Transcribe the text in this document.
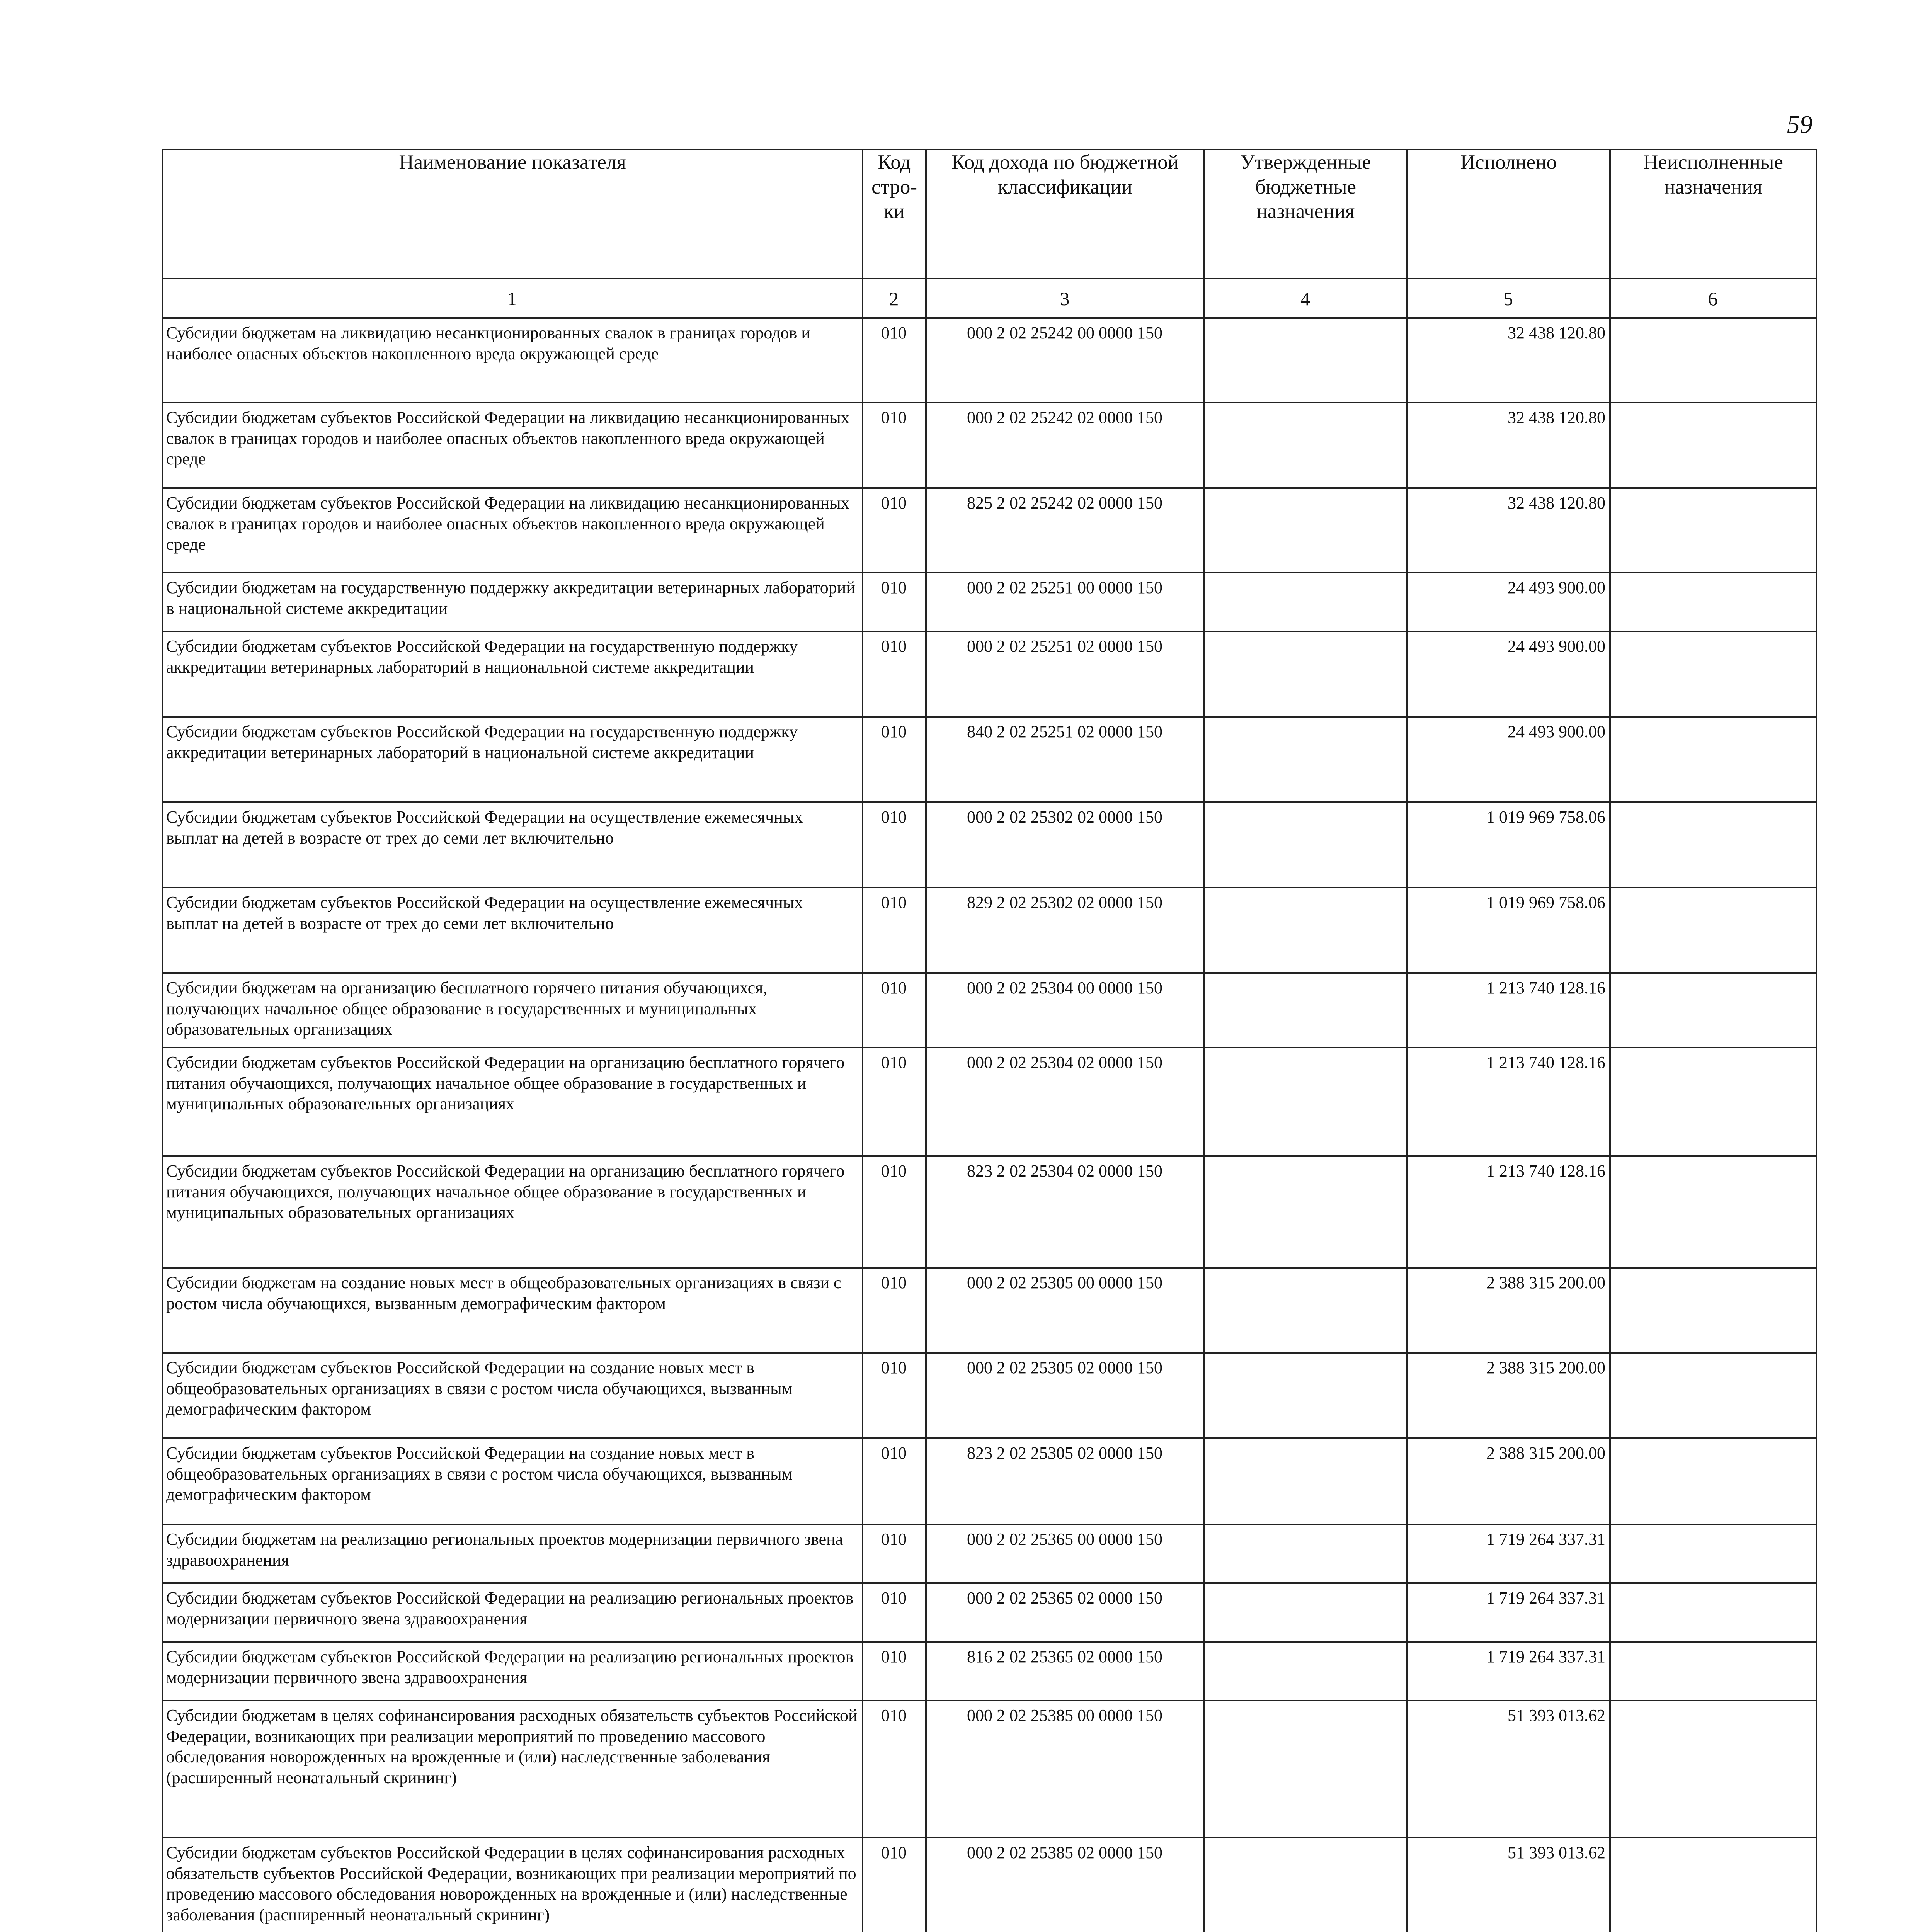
59
Наименование показателя	Код стро-ки	Код дохода по бюджетной классификации	Утвержденные бюджетные назначения	Исполнено	Неисполненные назначения
1	2	3	4	5	6
Субсидии бюджетам на ликвидацию несанкционированных свалок в границах городов и наиболее опасных объектов накопленного вреда окружающей среде	010	000 2 02 25242 00 0000 150		32 438 120.80	
Субсидии бюджетам субъектов Российской Федерации на ликвидацию несанкционированных свалок в границах городов и наиболее опасных объектов накопленного вреда окружающей среде	010	000 2 02 25242 02 0000 150		32 438 120.80	
Субсидии бюджетам субъектов Российской Федерации на ликвидацию несанкционированных свалок в границах городов и наиболее опасных объектов накопленного вреда окружающей среде	010	825 2 02 25242 02 0000 150		32 438 120.80	
Субсидии бюджетам на государственную поддержку аккредитации ветеринарных лабораторий в национальной системе аккредитации	010	000 2 02 25251 00 0000 150		24 493 900.00	
Субсидии бюджетам субъектов Российской Федерации на государственную поддержку аккредитации ветеринарных лабораторий в национальной системе аккредитации	010	000 2 02 25251 02 0000 150		24 493 900.00	
Субсидии бюджетам субъектов Российской Федерации на государственную поддержку аккредитации ветеринарных лабораторий в национальной системе аккредитации	010	840 2 02 25251 02 0000 150		24 493 900.00	
Субсидии бюджетам субъектов Российской Федерации на осуществление ежемесячных выплат на детей в возрасте от трех до семи лет включительно	010	000 2 02 25302 02 0000 150		1 019 969 758.06	
Субсидии бюджетам субъектов Российской Федерации на осуществление ежемесячных выплат на детей в возрасте от трех до семи лет включительно	010	829 2 02 25302 02 0000 150		1 019 969 758.06	
Субсидии бюджетам на организацию бесплатного горячего питания обучающихся, получающих начальное общее образование в государственных и муниципальных образовательных организациях	010	000 2 02 25304 00 0000 150		1 213 740 128.16	
Субсидии бюджетам субъектов Российской Федерации на организацию бесплатного горячего питания обучающихся, получающих начальное общее образование в государственных и муниципальных образовательных организациях	010	000 2 02 25304 02 0000 150		1 213 740 128.16	
Субсидии бюджетам субъектов Российской Федерации на организацию бесплатного горячего питания обучающихся, получающих начальное общее образование в государственных и муниципальных образовательных организациях	010	823 2 02 25304 02 0000 150		1 213 740 128.16	
Субсидии бюджетам на создание новых мест в общеобразовательных организациях в связи с ростом числа обучающихся, вызванным демографическим фактором	010	000 2 02 25305 00 0000 150		2 388 315 200.00	
Субсидии бюджетам субъектов Российской Федерации на создание новых мест в общеобразовательных организациях в связи с ростом числа обучающихся, вызванным демографическим фактором	010	000 2 02 25305 02 0000 150		2 388 315 200.00	
Субсидии бюджетам субъектов Российской Федерации на создание новых мест в общеобразовательных организациях в связи с ростом числа обучающихся, вызванным демографическим фактором	010	823 2 02 25305 02 0000 150		2 388 315 200.00	
Субсидии бюджетам на реализацию региональных проектов модернизации первичного звена здравоохранения	010	000 2 02 25365 00 0000 150		1 719 264 337.31	
Субсидии бюджетам субъектов Российской Федерации на реализацию региональных проектов модернизации первичного звена здравоохранения	010	000 2 02 25365 02 0000 150		1 719 264 337.31	
Субсидии бюджетам субъектов Российской Федерации на реализацию региональных проектов модернизации первичного звена здравоохранения	010	816 2 02 25365 02 0000 150		1 719 264 337.31	
Субсидии бюджетам в целях софинансирования расходных обязательств субъектов Российской Федерации, возникающих при реализации мероприятий по проведению массового обследования новорожденных на врожденные и (или) наследственные заболевания (расширенный неонатальный скрининг)	010	000 2 02 25385 00 0000 150		51 393 013.62	
Субсидии бюджетам субъектов Российской Федерации в целях софинансирования расходных обязательств субъектов Российской Федерации, возникающих при реализации мероприятий по проведению массового обследования новорожденных на врожденные и (или) наследственные заболевания (расширенный неонатальный скрининг)	010	000 2 02 25385 02 0000 150		51 393 013.62	
